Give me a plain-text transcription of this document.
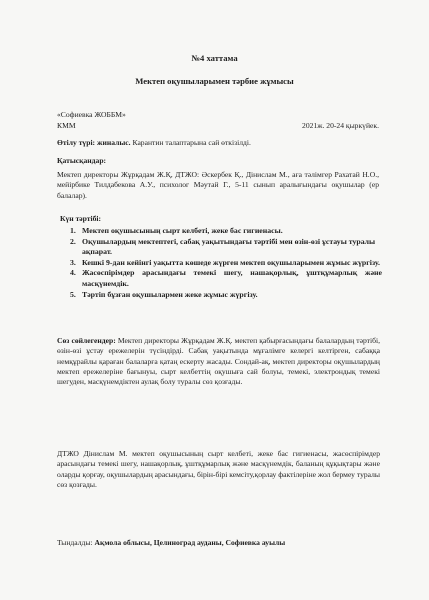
№4 хаттама
Мектеп оқушыларымен тәрбие жұмысы
«Софиевка ЖОББМ»
КММ	2021ж. 20-24 қыркүйек.
Өтілу түрі: жиналыс. Карантин талаптарына сай өткізілді.
Қатысқандар:
Мектеп директоры Жұрқадам Ж.Қ, ДТЖО: Әскербек Қ., Дінислам М., аға тәлімгер Рахатай Н.О., мейірбике Тилдабекова А.У., психолог Мәутай Г., 5-11 сынып аралығындағы оқушылар (ер балалар).
Күн тәртібі:
1. Мектеп оқушысының сырт келбеті, жеке бас гигиенасы.
2. Оқушылардың мектептегі, сабақ уақытындағы тәртібі мен өзін-өзі ұстауы туралы ақпарат.
3. Кешкі 9-дан кейінгі уақытта көшеде жүрген мектеп оқушыларымен жұмыс жүргізу.
4. Жасөспірімдер арасындағы темекі шегу, нашақорлық, ұштқұмарлық және масқүнемдік.
5. Тәртіп бұзған оқушылармен жеке жұмыс жүргізу.
Сөз сөйлегендер: Мектеп директоры Жұрқадам Ж.Қ. мектеп қабырғасындағы балалардың тәртібі, өзін-өзі ұстау ережелерін түсіндірді. Сабақ уақытында мұғалімге келергі келтірген, сабаққа немқұрайлы қараған балаларға қатаң ескерту жасады. Сондай-ақ, мектеп директоры оқушылардың мектеп ережелеріне бағынуы, сырт келбеттің оқушыға сай болуы, темекі, электрондық темекі шегуден, масқүнемдіктен аулақ болу туралы сөз қозғады.
ДТЖО Дінислам М. мектеп оқушысының сырт келбеті, жеке бас гигиенасы, жасөспірімдер арасындағы темекі шегу, нашақорлық, ұштқұмарлық және масқүнемдік, баланың құқықтары және оларды қорғау, оқушылардың арасындағы, бірін-бірі кемсіту,қорлау фактілеріне жол бермеу туралы сөз қозғады.
Тындалды: Ақмола облысы, Целиноград ауданы, Софиевка ауылы
